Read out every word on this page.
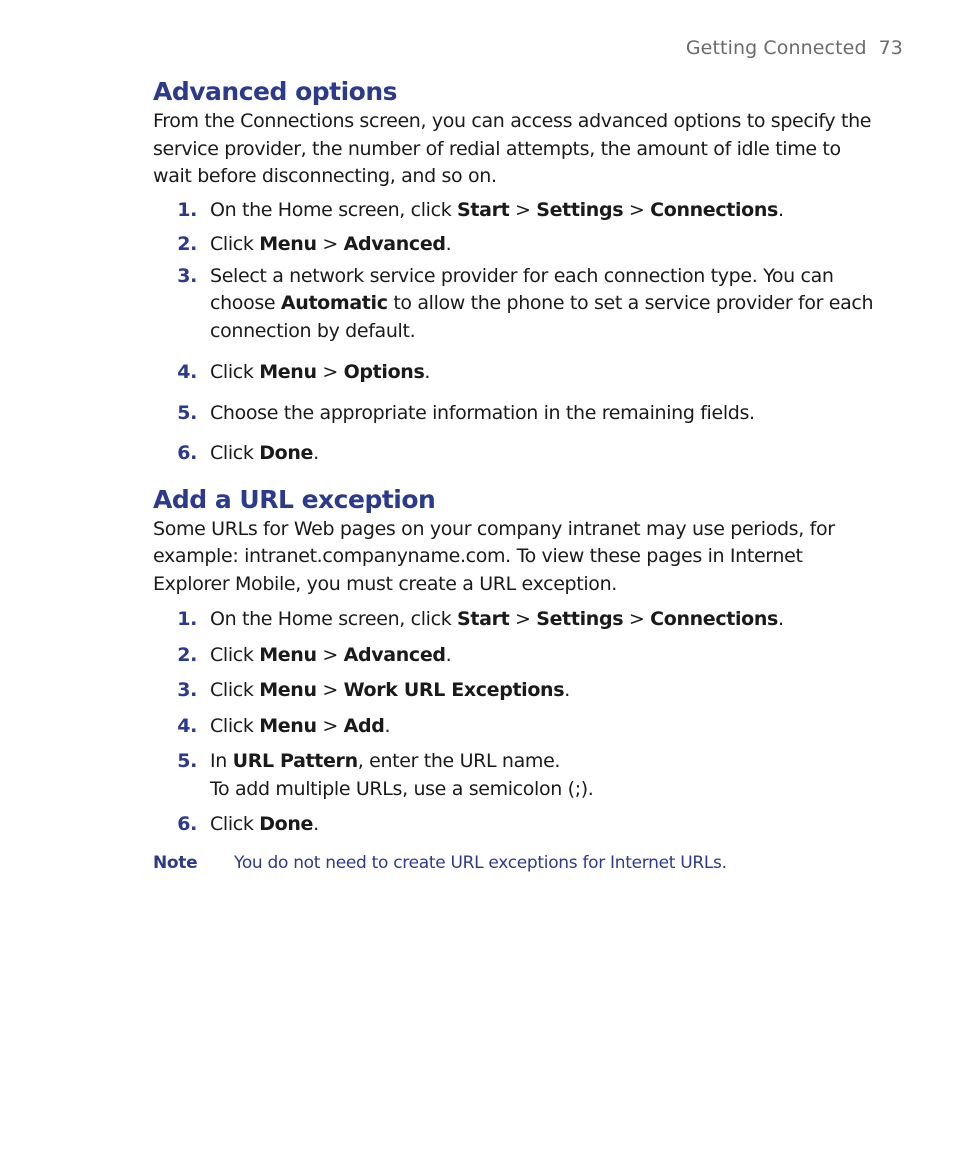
Getting Connected 73
Advanced options

From the Connections screen, you can access advanced options to specify the service provider, the number of redial attempts, the amount of idle time to wait before disconnecting, and so on.

1. On the Home screen, click Start > Settings > Connections.
2. Click Menu > Advanced.
3. Select a network service provider for each connection type. You can choose Automatic to allow the phone to set a service provider for each connection by default.
4. Click Menu > Options.
5. Choose the appropriate information in the remaining fields.
6. Click Done.
Add a URL exception

Some URLs for Web pages on your company intranet may use periods, for example: intranet.companyname.com. To view these pages in Internet Explorer Mobile, you must create a URL exception.

1. On the Home screen, click Start > Settings > Connections.
2. Click Menu > Advanced.
3. Click Menu > Work URL Exceptions.
4. Click Menu > Add.
5. In URL Pattern, enter the URL name.
To add multiple URLs, use a semicolon (;).
6. Click Done.
Note	You do not need to create URL exceptions for Internet URLs.
